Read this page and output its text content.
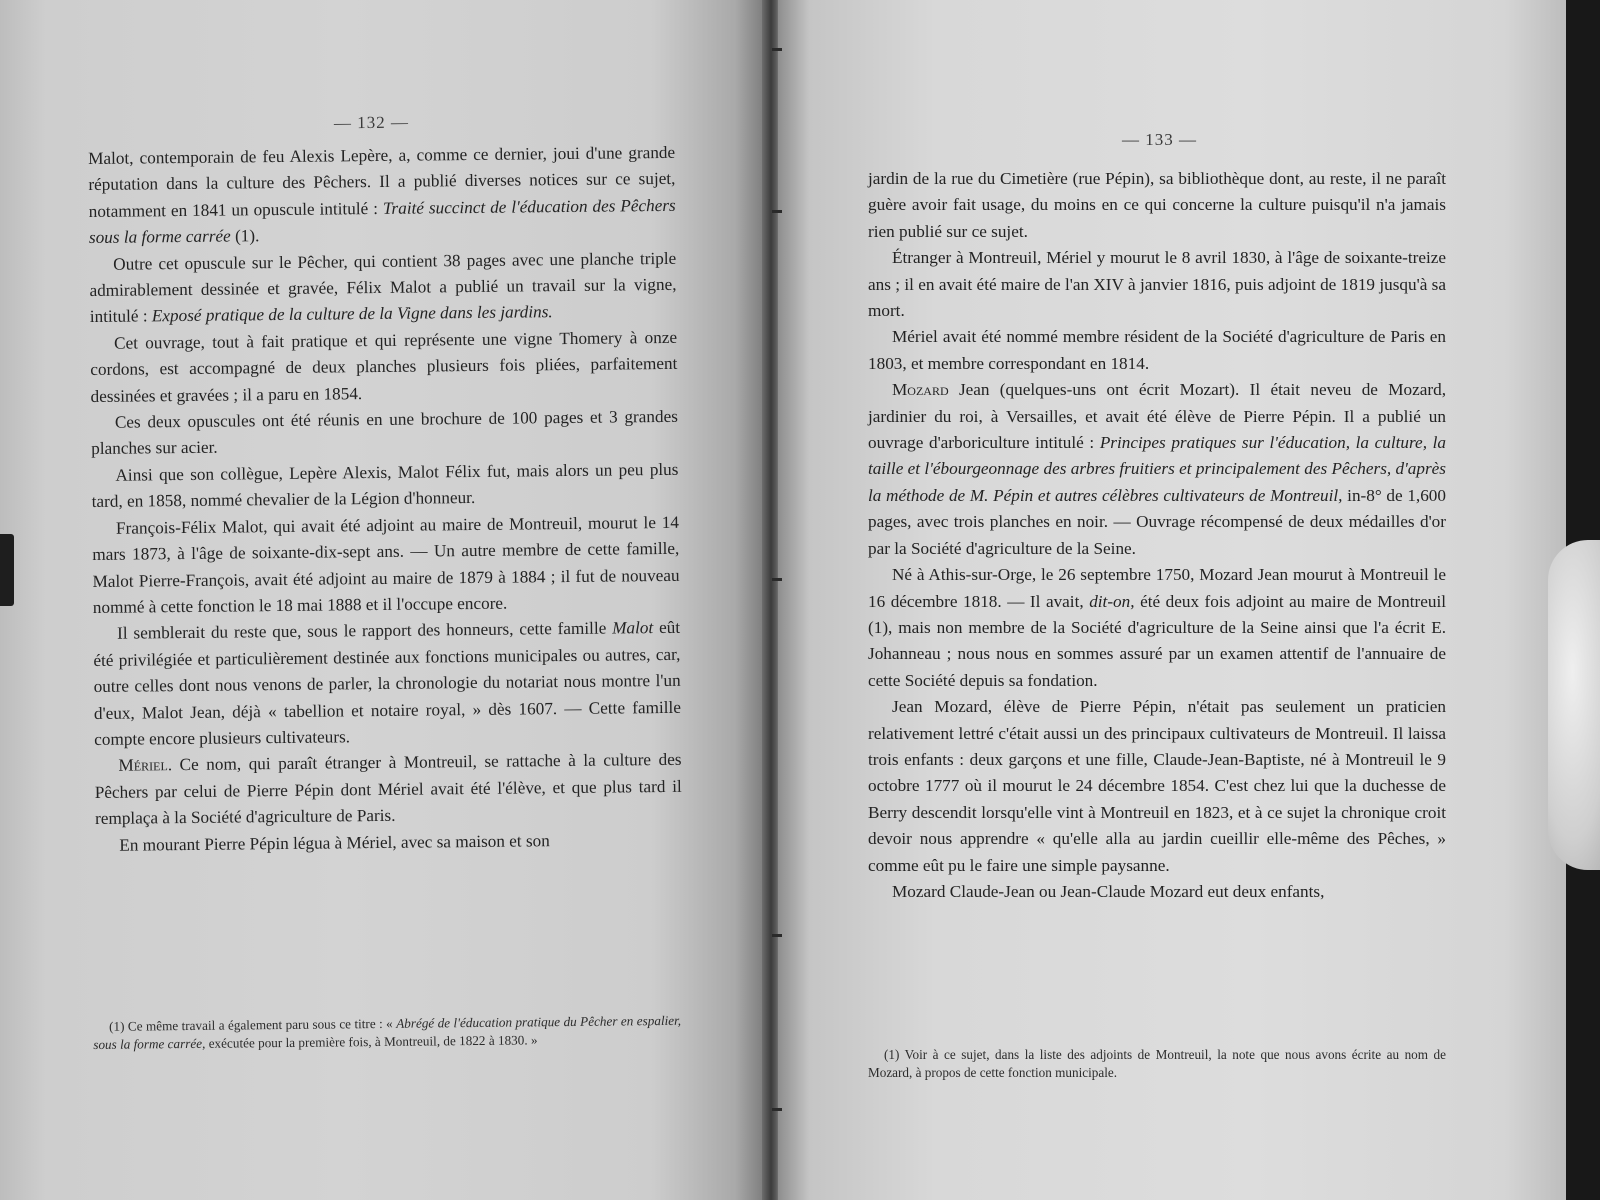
— 132 —

Malot, contemporain de feu Alexis Lepère, a, comme ce dernier, joui d'une grande réputation dans la culture des Pêchers. Il a publié diverses notices sur ce sujet, notamment en 1841 un opuscule intitulé : Traité succinct de l'éducation des Pêchers sous la forme carrée (1).

Outre cet opuscule sur le Pêcher, qui contient 38 pages avec une planche triple admirablement dessinée et gravée, Félix Malot a publié un travail sur la vigne, intitulé : Exposé pratique de la culture de la Vigne dans les jardins.

Cet ouvrage, tout à fait pratique et qui représente une vigne Thomery à onze cordons, est accompagné de deux planches plusieurs fois pliées, parfaitement dessinées et gravées ; il a paru en 1854.

Ces deux opuscules ont été réunis en une brochure de 100 pages et 3 grandes planches sur acier.

Ainsi que son collègue, Lepère Alexis, Malot Félix fut, mais alors un peu plus tard, en 1858, nommé chevalier de la Légion d'honneur.

François-Félix Malot, qui avait été adjoint au maire de Montreuil, mourut le 14 mars 1873, à l'âge de soixante-dix-sept ans. — Un autre membre de cette famille, Malot Pierre-François, avait été adjoint au maire de 1879 à 1884 ; il fut de nouveau nommé à cette fonction le 18 mai 1888 et il l'occupe encore.

Il semblerait du reste que, sous le rapport des honneurs, cette famille Malot eût été privilégiée et particulièrement destinée aux fonctions municipales ou autres, car, outre celles dont nous venons de parler, la chronologie du notariat nous montre l'un d'eux, Malot Jean, déjà « tabellion et notaire royal, » dès 1607. — Cette famille compte encore plusieurs cultivateurs.

Mériel. Ce nom, qui paraît étranger à Montreuil, se rattache à la culture des Pêchers par celui de Pierre Pépin dont Mériel avait été l'élève, et que plus tard il remplaça à la Société d'agriculture de Paris.

En mourant Pierre Pépin légua à Mériel, avec sa maison et son

(1) Ce même travail a également paru sous ce titre : « Abrégé de l'éducation pratique du Pêcher en espalier, sous la forme carrée, exécutée pour la première fois, à Montreuil, de 1822 à 1830. »

— 133 —

jardin de la rue du Cimetière (rue Pépin), sa bibliothèque dont, au reste, il ne paraît guère avoir fait usage, du moins en ce qui concerne la culture puisqu'il n'a jamais rien publié sur ce sujet.

Étranger à Montreuil, Mériel y mourut le 8 avril 1830, à l'âge de soixante-treize ans ; il en avait été maire de l'an XIV à janvier 1816, puis adjoint de 1819 jusqu'à sa mort.

Mériel avait été nommé membre résident de la Société d'agriculture de Paris en 1803, et membre correspondant en 1814.

Mozard Jean (quelques-uns ont écrit Mozart). Il était neveu de Mozard, jardinier du roi, à Versailles, et avait été élève de Pierre Pépin. Il a publié un ouvrage d'arboriculture intitulé : Principes pratiques sur l'éducation, la culture, la taille et l'ébourgeonnage des arbres fruitiers et principalement des Pêchers, d'après la méthode de M. Pépin et autres célèbres cultivateurs de Montreuil, in-8° de 1,600 pages, avec trois planches en noir. — Ouvrage récompensé de deux médailles d'or par la Société d'agriculture de la Seine.

Né à Athis-sur-Orge, le 26 septembre 1750, Mozard Jean mourut à Montreuil le 16 décembre 1818. — Il avait, dit-on, été deux fois adjoint au maire de Montreuil (1), mais non membre de la Société d'agriculture de la Seine ainsi que l'a écrit E. Johanneau ; nous nous en sommes assuré par un examen attentif de l'annuaire de cette Société depuis sa fondation.

Jean Mozard, élève de Pierre Pépin, n'était pas seulement un praticien relativement lettré c'était aussi un des principaux cultivateurs de Montreuil. Il laissa trois enfants : deux garçons et une fille, Claude-Jean-Baptiste, né à Montreuil le 9 octobre 1777 où il mourut le 24 décembre 1854. C'est chez lui que la duchesse de Berry descendit lorsqu'elle vint à Montreuil en 1823, et à ce sujet la chronique croit devoir nous apprendre « qu'elle alla au jardin cueillir elle-même des Pêches, » comme eût pu le faire une simple paysanne.

Mozard Claude-Jean ou Jean-Claude Mozard eut deux enfants,

(1) Voir à ce sujet, dans la liste des adjoints de Montreuil, la note que nous avons écrite au nom de Mozard, à propos de cette fonction municipale.
